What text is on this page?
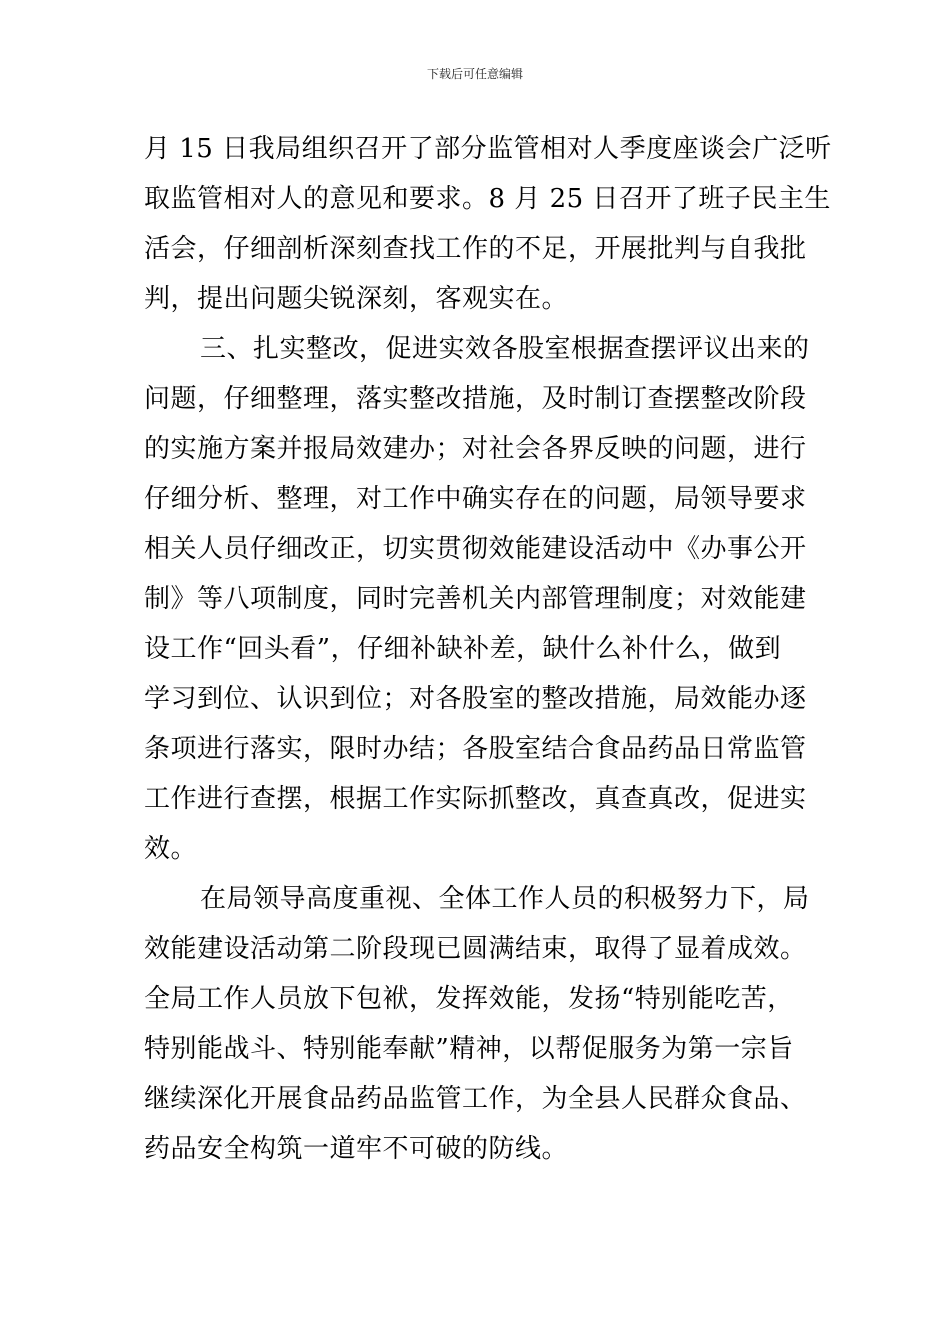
下载后可任意编辑
月 15 日我局组织召开了部分监管相对人季度座谈会广泛听
取监管相对人的意见和要求。8 月 25 日召开了班子民主生
活会，仔细剖析深刻查找工作的不足，开展批判与自我批
判，提出问题尖锐深刻，客观实在。
三、扎实整改，促进实效各股室根据查摆评议出来的
问题，仔细整理，落实整改措施，及时制订查摆整改阶段
的实施方案并报局效建办；对社会各界反映的问题，进行
仔细分析、整理，对工作中确实存在的问题，局领导要求
相关人员仔细改正，切实贯彻效能建设活动中《办事公开
制》等八项制度，同时完善机关内部管理制度；对效能建
设工作“回头看”，仔细补缺补差，缺什么补什么，做到
学习到位、认识到位；对各股室的整改措施，局效能办逐
条项进行落实，限时办结；各股室结合食品药品日常监管
工作进行查摆，根据工作实际抓整改，真查真改，促进实
效。
在局领导高度重视、全体工作人员的积极努力下，局
效能建设活动第二阶段现已圆满结束，取得了显着成效。
全局工作人员放下包袱，发挥效能，发扬“特别能吃苦，
特别能战斗、特别能奉献”精神，以帮促服务为第一宗旨
继续深化开展食品药品监管工作，为全县人民群众食品、
药品安全构筑一道牢不可破的防线。
